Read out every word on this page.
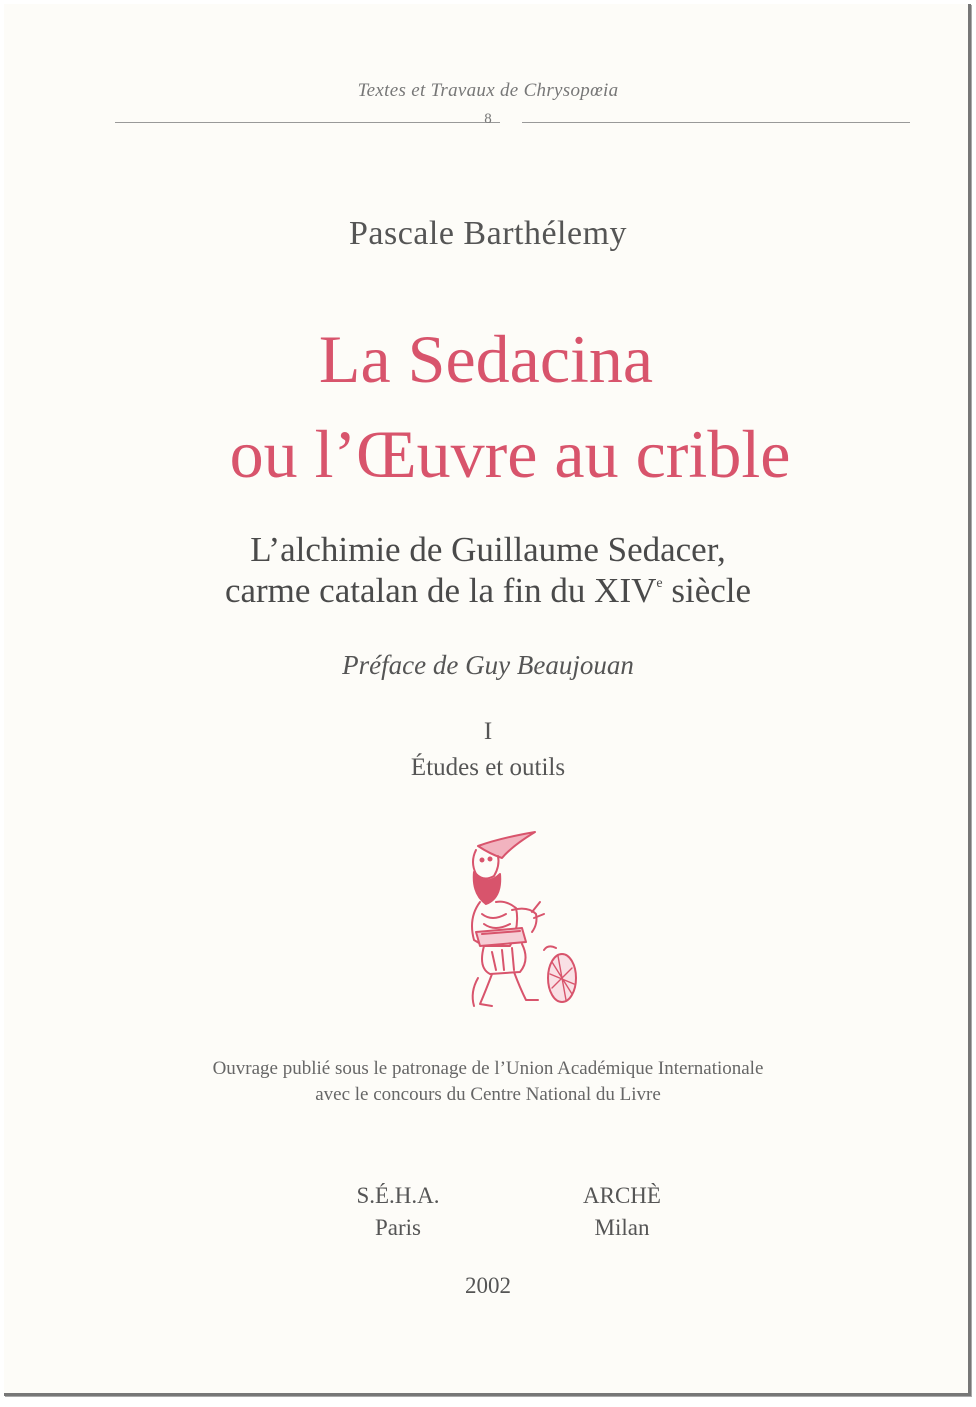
Textes et Travaux de Chrysopœia
8
Pascale Barthélemy
La Sedacina
ou l’Œuvre au crible
L’alchimie de Guillaume Sedacer,
carme catalan de la fin du XIVe siècle
Préface de Guy Beaujouan
I
Études et outils
Ouvrage publié sous le patronage de l’Union Académique Internationale
avec le concours du Centre National du Livre
S.É.H.A.
Paris
ARCHÈ
Milan
2002
